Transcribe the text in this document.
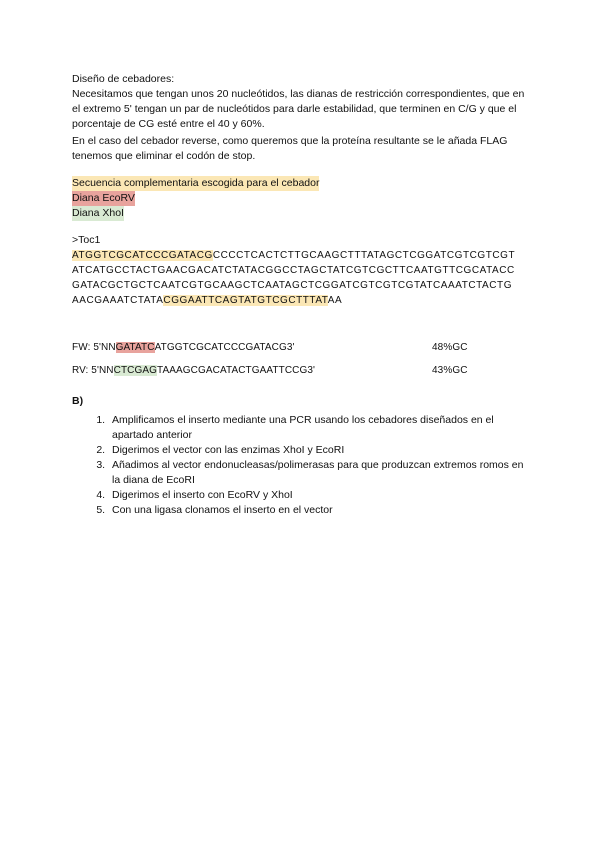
Diseño de cebadores:

Necesitamos que tengan unos 20 nucleótidos, las dianas de restricción correspondientes, que en el extremo 5' tengan un par de nucleótidos para darle estabilidad, que terminen en C/G y que el porcentaje de CG esté entre el 40 y 60%.

En el caso del cebador reverse, como queremos que la proteína resultante se le añada FLAG tenemos que eliminar el codón de stop.

Secuencia complementaria escogida para el cebador
Diana EcoRV
Diana XhoI
>Toc1
ATGGTCGCATCCCGATACGCCCCTCACTCTTGCAAGCTTTATAGCTCGGATCGTCGTCGT
ATCATGCCTACTGAACGACATCTATACGGCCTAGCTATCGTCGCTTCAATGTTCGCATACC
GATACGCTGCTCAATCGTGCAAGCTCAATAGCTCGGATCGTCGTCGTATCAAATCTACTG
AACGAAATCTATACGGAATTCAGTATGTCGCTTTATAA
FW: 5'NNGATATCATGGTCGCATCCCGATACG3'	48%GC
RV: 5'NNCTCGAGTAAAGCGACATACTGAATTCCG3'	43%GC
B)
1. Amplificamos el inserto mediante una PCR usando los cebadores diseñados en el apartado anterior
2. Digerimos el vector con las enzimas XhoI y EcoRI
3. Añadimos al vector endonucleasas/polimerasas para que produzcan extremos romos en la diana de EcoRI
4. Digerimos el inserto con EcoRV y XhoI
5. Con una ligasa clonamos el inserto en el vector
